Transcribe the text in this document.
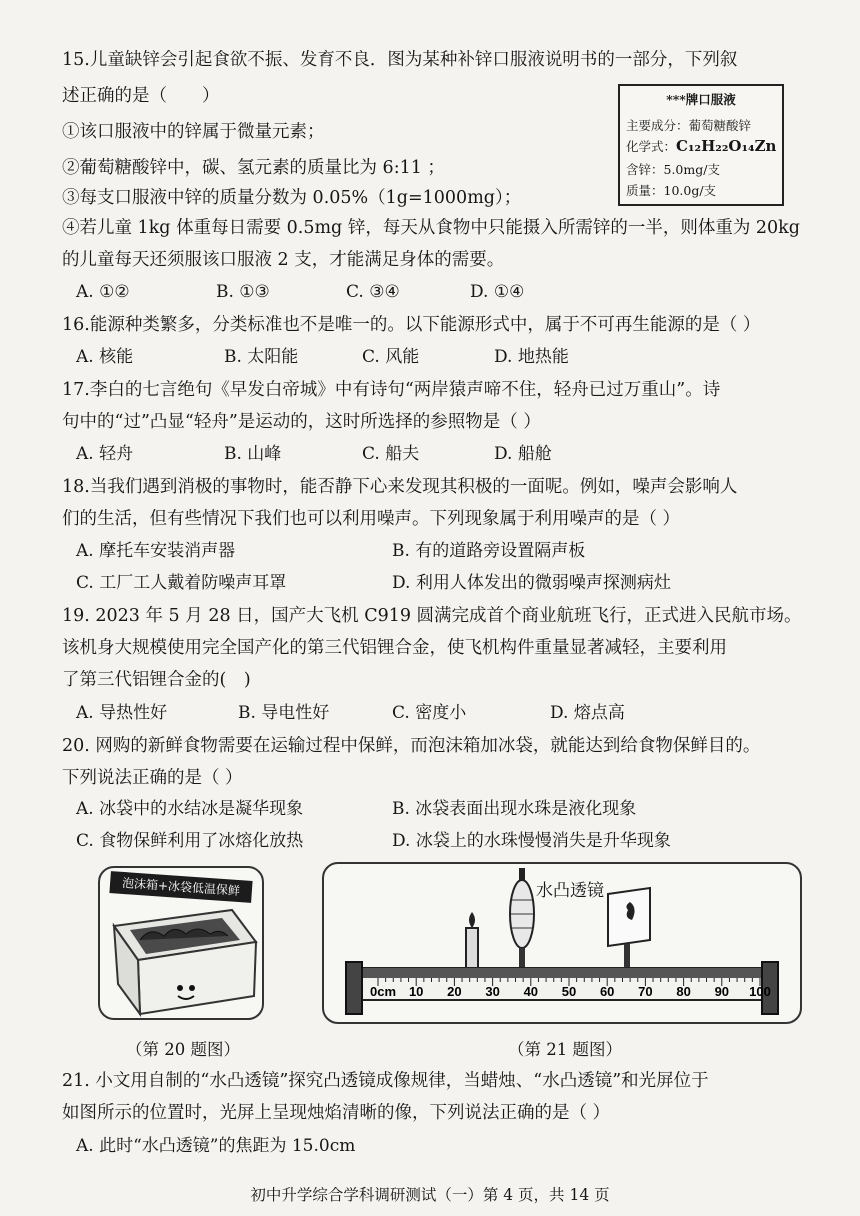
15.儿童缺锌会引起食欲不振、发育不良．图为某种补锌口服液说明书的一部分，下列叙
述正确的是（　　）	***牌口服液
主要成分：葡萄糖酸锌
化学式：C₁₂H₂₂O₁₄Zn
含锌：5.0mg/支
质量：10.0g/支
①该口服液中的锌属于微量元素；
②葡萄糖酸锌中，碳、氢元素的质量比为 6:11 ；
③每支口服液中锌的质量分数为 0.05%（1g=1000mg）；
④若儿童 1kg 体重每日需要 0.5mg 锌，每天从食物中只能摄入所需锌的一半，则体重为 20kg
的儿童每天还须服该口服液 2 支，才能满足身体的需要。
A. ①②	B. ①③	C. ③④	D. ①④
16.能源种类繁多，分类标准也不是唯一的。以下能源形式中，属于不可再生能源的是（ ）
A. 核能	B. 太阳能	C. 风能	D. 地热能
17.李白的七言绝句《早发白帝城》中有诗句“两岸猿声啼不住，轻舟已过万重山”。诗
句中的“过”凸显“轻舟”是运动的，这时所选择的参照物是（ ）
A. 轻舟	B. 山峰	C. 船夫	D. 船舱
18.当我们遇到消极的事物时，能否静下心来发现其积极的一面呢。例如，噪声会影响人
们的生活，但有些情况下我们也可以利用噪声。下列现象属于利用噪声的是（ ）
A. 摩托车安装消声器	B. 有的道路旁设置隔声板
C. 工厂工人戴着防噪声耳罩	D. 利用人体发出的微弱噪声探测病灶
19. 2023 年 5 月 28 日，国产大飞机 C919 圆满完成首个商业航班飞行，正式进入民航市场。
该机身大规模使用完全国产化的第三代铝锂合金，使飞机构件重量显著减轻，主要利用
了第三代铝锂合金的(　)
A. 导热性好	B. 导电性好	C. 密度小	D. 熔点高
20. 网购的新鲜食物需要在运输过程中保鲜，而泡沫箱加冰袋，就能达到给食物保鲜目的。
下列说法正确的是（ ）
A. 冰袋中的水结冰是凝华现象	B. 冰袋表面出现水珠是液化现象
C. 食物保鲜利用了冰熔化放热	D. 冰袋上的水珠慢慢消失是升华现象
泡沫箱+冰袋低温保鲜
（第 20 题图）
0cm 10 20 30 40 50 60 70 80 90 100
水凸透镜
（第 21 题图）
21. 小文用自制的“水凸透镜”探究凸透镜成像规律，当蜡烛、“水凸透镜”和光屏位于
如图所示的位置时，光屏上呈现烛焰清晰的像，下列说法正确的是（ ）
A. 此时“水凸透镜”的焦距为 15.0cm
初中升学综合学科调研测试（一）第 4 页，共 14 页
